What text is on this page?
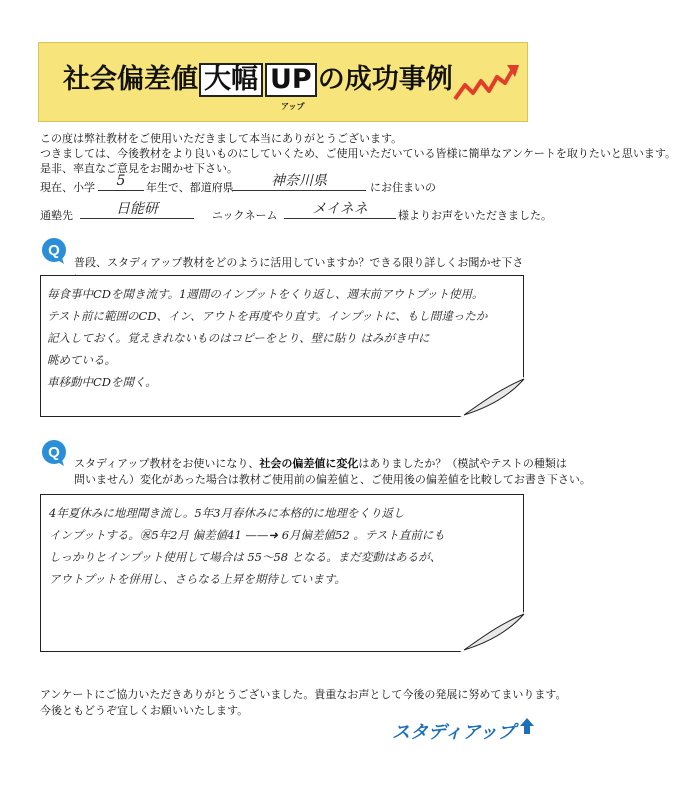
社会偏差値 大幅 UP の成功事例
アップ
この度は弊社教材をご使用いただきまして本当にありがとうございます。
つきましては、今後教材をより良いものにしていくため、ご使用いただいている皆様に簡単なアンケートを取りたいと思います。
是非、率直なご意見をお聞かせ下さい。
現在、小学	5	年生で、都道府県	神奈川県	にお住まいの
通塾先	日能研	ニックネーム	メイネネ	様よりお声をいただきました。
Q
普段、スタディアップ教材をどのように活用していますか？できる限り詳しくお聞かせ下さ
毎食事中CDを聞き流す。1週間のインプットをくり返し、週末前アウトプット使用。
テスト前に範囲のCD、イン、アウトを再度やり直す。インプットに、もし間違ったか
記入しておく。覚えきれないものはコピーをとり、壁に貼り はみがき中に
眺めている。
車移動中CDを聞く。
Q
スタディアップ教材をお使いになり、社会の偏差値に変化はありましたか？（模試やテストの種類は
問いません）変化があった場合は教材ご使用前の偏差値と、ご使用後の偏差値を比較してお書き下さい。
4年夏休みに地理聞き流し。5年3月春休みに本格的に地理をくり返し
インプットする。㊗5年2月 偏差値41 ——➜ 6月偏差値52 。テスト直前にも
しっかりとインプット使用して場合は 55〜58 となる。まだ変動はあるが、
アウトプットを併用し、さらなる上昇を期待しています。
アンケートにご協力いただきありがとうございました。貴重なお声として今後の発展に努めてまいります。
今後ともどうぞ宜しくお願いいたします。
スタディアップ
